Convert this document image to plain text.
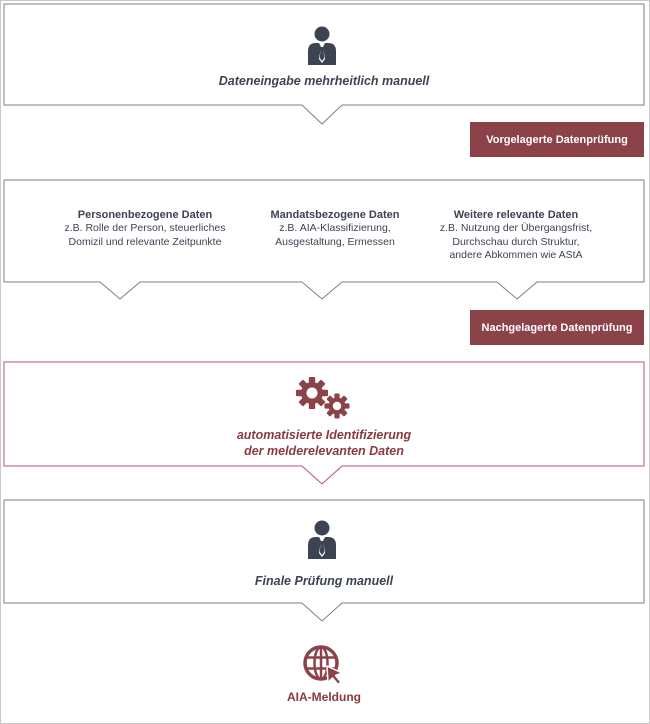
Dateneingabe mehrheitlich manuell
Vorgelagerte Datenprüfung
Personenbezogene Daten
z.B. Rolle der Person, steuerliches
Domizil und relevante Zeitpunkte
Mandatsbezogene Daten
z.B. AIA-Klassifizierung,
Ausgestaltung, Ermessen
Weitere relevante Daten
z.B. Nutzung der Übergangsfrist,
Durchschau durch Struktur,
andere Abkommen wie AStA
Nachgelagerte Datenprüfung
automatisierte Identifizierung
der melderelevanten Daten
Finale Prüfung manuell
AIA-Meldung
